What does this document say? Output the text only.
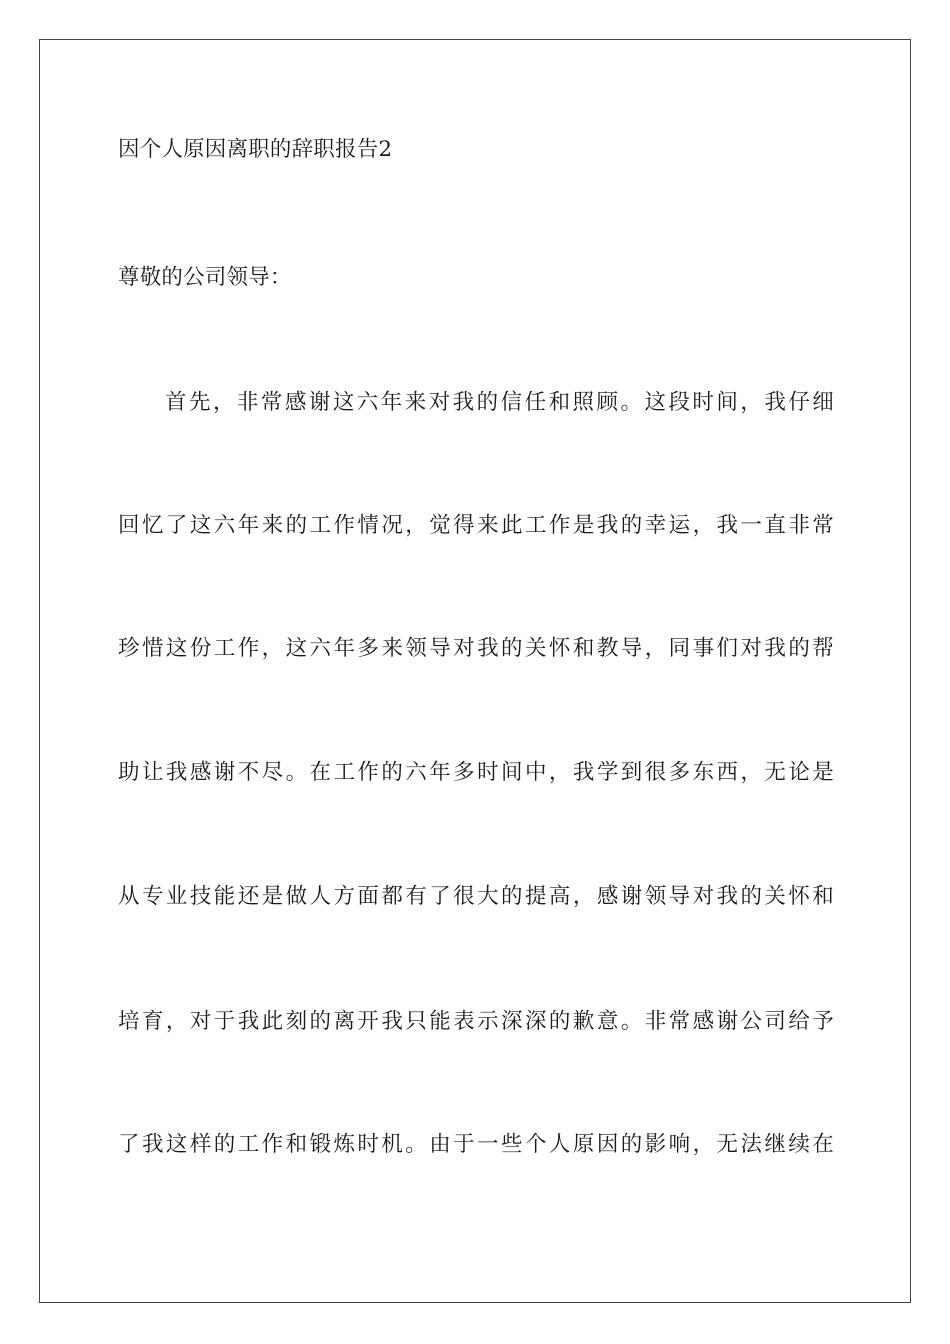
因个人原因离职的辞职报告2
尊敬的公司领导：
首先，非常感谢这六年来对我的信任和照顾。这段时间，我仔细
回忆了这六年来的工作情况，觉得来此工作是我的幸运，我一直非常
珍惜这份工作，这六年多来领导对我的关怀和教导，同事们对我的帮
助让我感谢不尽。在工作的六年多时间中，我学到很多东西，无论是
从专业技能还是做人方面都有了很大的提高，感谢领导对我的关怀和
培育，对于我此刻的离开我只能表示深深的歉意。非常感谢公司给予
了我这样的工作和锻炼时机。由于一些个人原因的影响，无法继续在
